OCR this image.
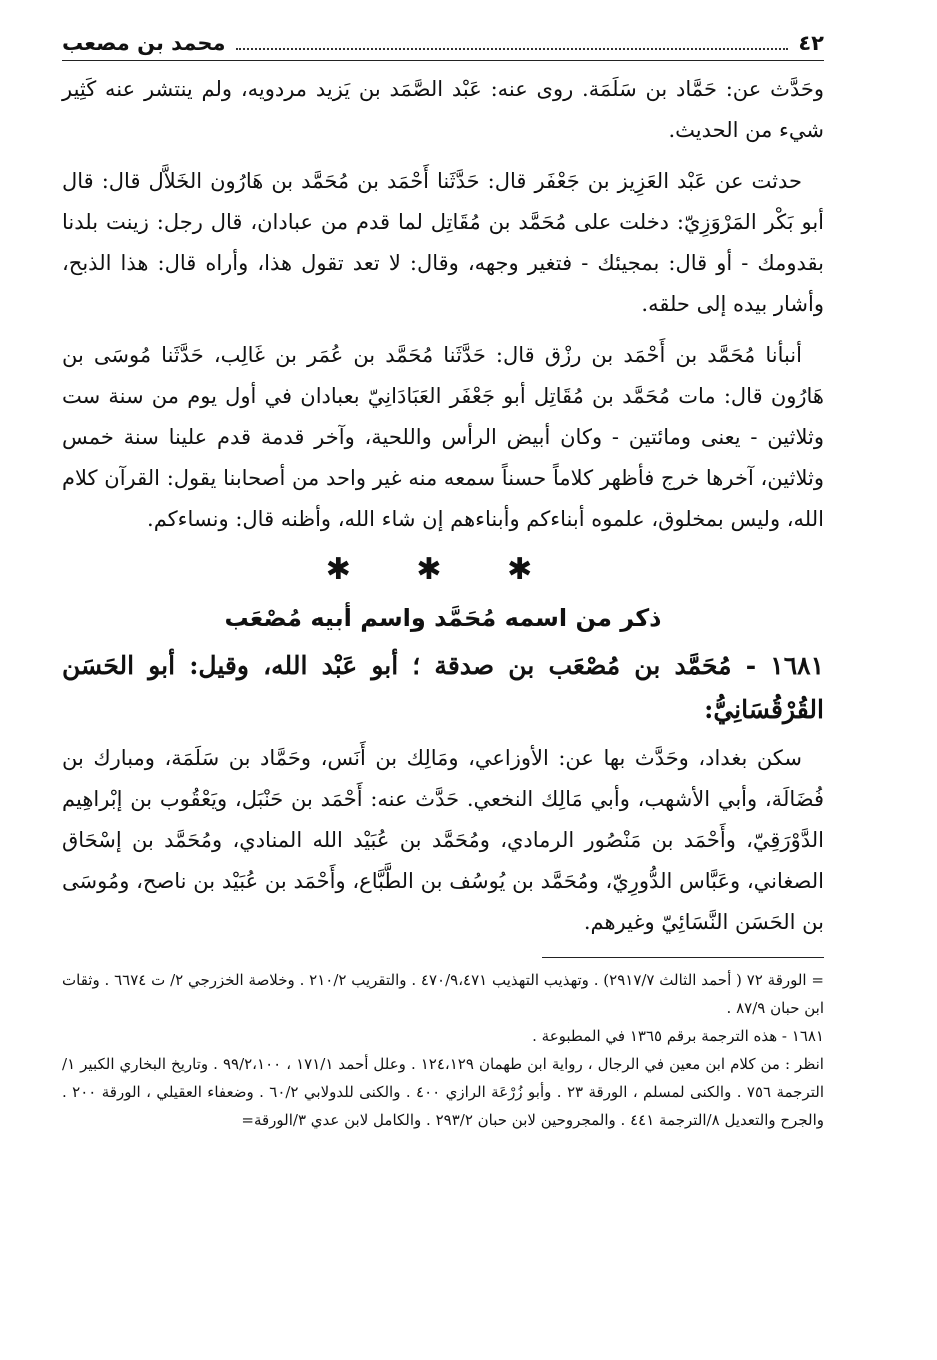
٤٢
محمد بن مصعب

وحَدَّث عن: حَمَّاد بن سَلَمَة. روى عنه: عَبْد الصَّمَد بن يَزيد مردويه، ولم ينتشر عنه كَثِير شيء من الحديث.

حدثت عن عَبْد العَزِيز بن جَعْفَر قال: حَدَّثَنا أَحْمَد بن مُحَمَّد بن هَارُون الخَلاَّل قال: قال أبو بَكْر المَرْوَزِيّ: دخلت على مُحَمَّد بن مُقَاتِل لما قدم من عبادان، قال رجل: زينت بلدنا بقدومك - أو قال: بمجيئك - فتغير وجهه، وقال: لا تعد تقول هذا، وأراه قال: هذا الذبح، وأشار بيده إلى حلقه.

أنبأنا مُحَمَّد بن أَحْمَد بن رزْق قال: حَدَّثَنا مُحَمَّد بن عُمَر بن غَالِب، حَدَّثَنا مُوسَى بن هَارُون قال: مات مُحَمَّد بن مُقَاتِل أبو جَعْفَر العَبَادَانِيّ بعبادان في أول يوم من سنة ست وثلاثين - يعنى ومائتين - وكان أبيض الرأس واللحية، وآخر قدمة قدم علينا سنة خمس وثلاثين، آخرها خرج فأظهر كلاماً حسناً سمعه منه غير واحد من أصحابنا يقول: القرآن كلام الله، وليس بمخلوق، علموه أبناءكم وأبناءهم إن شاء الله، وأظنه قال: ونساءكم.

✱ ✱ ✱
ذكر من اسمه مُحَمَّد واسم أبيه مُصْعَب
١٦٨١ - مُحَمَّد بن مُصْعَب بن صدقة ؛ أبو عَبْد الله، وقيل: أبو الحَسَن القُرْقُسَانِيُّ:

سكن بغداد، وحَدَّث بها عن: الأوزاعي، ومَالِك بن أَنَس، وحَمَّاد بن سَلَمَة، ومبارك بن فُضَالَة، وأبي الأشهب، وأبي مَالِك النخعي. حَدَّث عنه: أَحْمَد بن حَنْبَل، ويَعْقُوب بن إبْراهِيم الدَّوْرَقِيّ، وأَحْمَد بن مَنْصُور الرمادي، ومُحَمَّد بن عُبَيْد الله المنادي، ومُحَمَّد بن إسْحَاق الصغاني، وعَبَّاس الدُّورِيّ، ومُحَمَّد بن يُوسُف بن الطَّبَّاع، وأَحْمَد بن عُبَيْد بن ناصح، ومُوسَى بن الحَسَن النَّسَائِيّ وغيرهم.

= الورقة ٧٢ ( أحمد الثالث ٢٩١٧/٧) . وتهذيب التهذيب ٤٧٠/٩،٤٧١ . والتقريب ٢١٠/٢ . وخلاصة الخزرجي ٢/ ت ٦٦٧٤ . وثقات ابن حبان ٨٧/٩ .

١٦٨١ - هذه الترجمة برقم ١٣٦٥ في المطبوعة .

انظر : من كلام ابن معين في الرجال ، رواية ابن طهمان ١٢٤،١٢٩ . وعلل أحمد ١٧١/١ ، ٩٩/٢،١٠٠ . وتاريخ البخاري الكبير ١/الترجمة ٧٥٦ . والكنى لمسلم ، الورقة ٢٣ . وأبو زُرْعَة الرازي ٤٠٠ . والكنى للدولابي ٦٠/٢ . وضعفاء العقيلي ، الورقة ٢٠٠ . والجرح والتعديل ٨/الترجمة ٤٤١ . والمجروحين لابن حبان ٢٩٣/٢ . والكامل لابن عدي ٣/الورقة=
